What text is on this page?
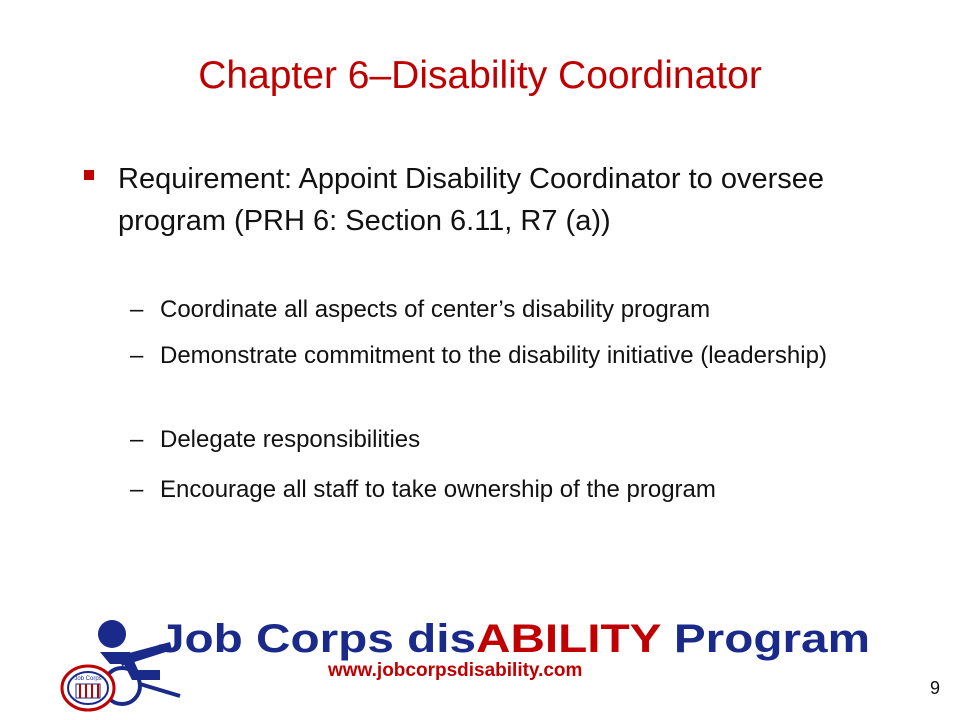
Chapter 6–Disability Coordinator
Requirement: Appoint Disability Coordinator to oversee program (PRH 6: Section 6.11, R7 (a))
– Coordinate all aspects of center’s disability program
– Demonstrate commitment to the disability initiative (leadership)
– Delegate responsibilities
– Encourage all staff to take ownership of the program
Job Corps
Job Corps dis ABILITY Program
www.jobcorpsdisability.com
9
